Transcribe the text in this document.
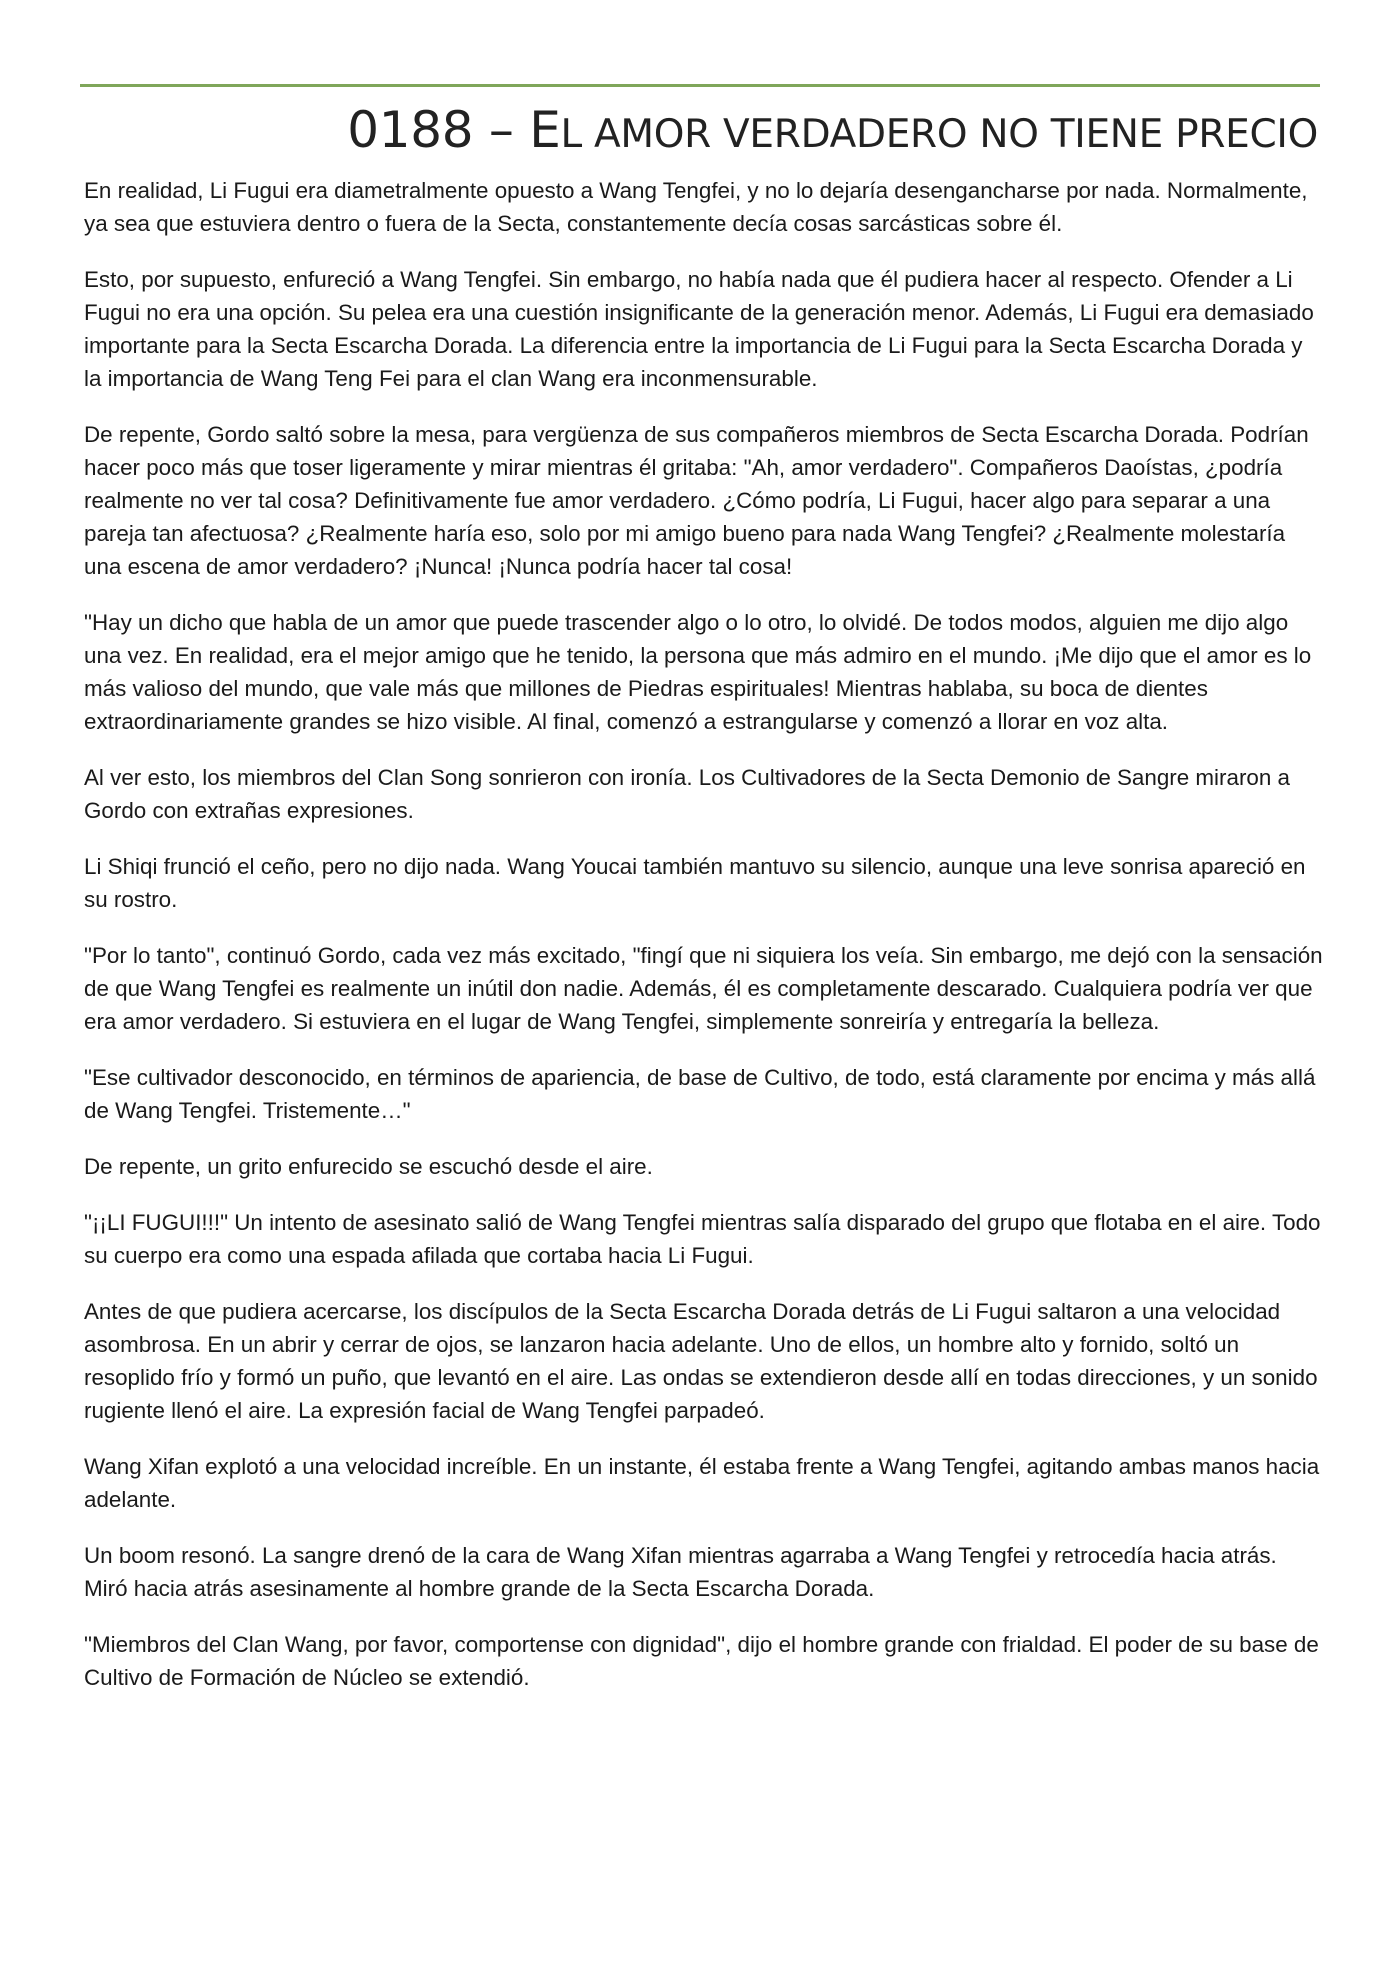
0188 – EL AMOR VERDADERO NO TIENE PRECIO

En realidad, Li Fugui era diametralmente opuesto a Wang Tengfei, y no lo dejaría desengancharse por nada. Normalmente, ya sea que estuviera dentro o fuera de la Secta, constantemente decía cosas sarcásticas sobre él.

Esto, por supuesto, enfureció a Wang Tengfei. Sin embargo, no había nada que él pudiera hacer al respecto. Ofender a Li Fugui no era una opción. Su pelea era una cuestión insignificante de la generación menor. Además, Li Fugui era demasiado importante para la Secta Escarcha Dorada. La diferencia entre la importancia de Li Fugui para la Secta Escarcha Dorada y la importancia de Wang Teng Fei para el clan Wang era inconmensurable.

De repente, Gordo saltó sobre la mesa, para vergüenza de sus compañeros miembros de Secta Escarcha Dorada. Podrían hacer poco más que toser ligeramente y mirar mientras él gritaba: "Ah, amor verdadero". Compañeros Daoístas, ¿podría realmente no ver tal cosa? Definitivamente fue amor verdadero. ¿Cómo podría, Li Fugui, hacer algo para separar a una pareja tan afectuosa? ¿Realmente haría eso, solo por mi amigo bueno para nada Wang Tengfei? ¿Realmente molestaría una escena de amor verdadero? ¡Nunca! ¡Nunca podría hacer tal cosa!

"Hay un dicho que habla de un amor que puede trascender algo o lo otro, lo olvidé. De todos modos, alguien me dijo algo una vez. En realidad, era el mejor amigo que he tenido, la persona que más admiro en el mundo. ¡Me dijo que el amor es lo más valioso del mundo, que vale más que millones de Piedras espirituales! Mientras hablaba, su boca de dientes extraordinariamente grandes se hizo visible. Al final, comenzó a estrangularse y comenzó a llorar en voz alta.

Al ver esto, los miembros del Clan Song sonrieron con ironía. Los Cultivadores de la Secta Demonio de Sangre miraron a Gordo con extrañas expresiones.

Li Shiqi frunció el ceño, pero no dijo nada. Wang Youcai también mantuvo su silencio, aunque una leve sonrisa apareció en su rostro.

"Por lo tanto", continuó Gordo, cada vez más excitado, "fingí que ni siquiera los veía. Sin embargo, me dejó con la sensación de que Wang Tengfei es realmente un inútil don nadie. Además, él es completamente descarado. Cualquiera podría ver que era amor verdadero. Si estuviera en el lugar de Wang Tengfei, simplemente sonreiría y entregaría la belleza.

"Ese cultivador desconocido, en términos de apariencia, de base de Cultivo, de todo, está claramente por encima y más allá de Wang Tengfei. Tristemente…"

De repente, un grito enfurecido se escuchó desde el aire.

"¡¡LI FUGUI!!!" Un intento de asesinato salió de Wang Tengfei mientras salía disparado del grupo que flotaba en el aire. Todo su cuerpo era como una espada afilada que cortaba hacia Li Fugui.

Antes de que pudiera acercarse, los discípulos de la Secta Escarcha Dorada detrás de Li Fugui saltaron a una velocidad asombrosa. En un abrir y cerrar de ojos, se lanzaron hacia adelante. Uno de ellos, un hombre alto y fornido, soltó un resoplido frío y formó un puño, que levantó en el aire. Las ondas se extendieron desde allí en todas direcciones, y un sonido rugiente llenó el aire. La expresión facial de Wang Tengfei parpadeó.

Wang Xifan explotó a una velocidad increíble. En un instante, él estaba frente a Wang Tengfei, agitando ambas manos hacia adelante.

Un boom resonó. La sangre drenó de la cara de Wang Xifan mientras agarraba a Wang Tengfei y retrocedía hacia atrás. Miró hacia atrás asesinamente al hombre grande de la Secta Escarcha Dorada.

"Miembros del Clan Wang, por favor, comportense con dignidad", dijo el hombre grande con frialdad. El poder de su base de Cultivo de Formación de Núcleo se extendió.
